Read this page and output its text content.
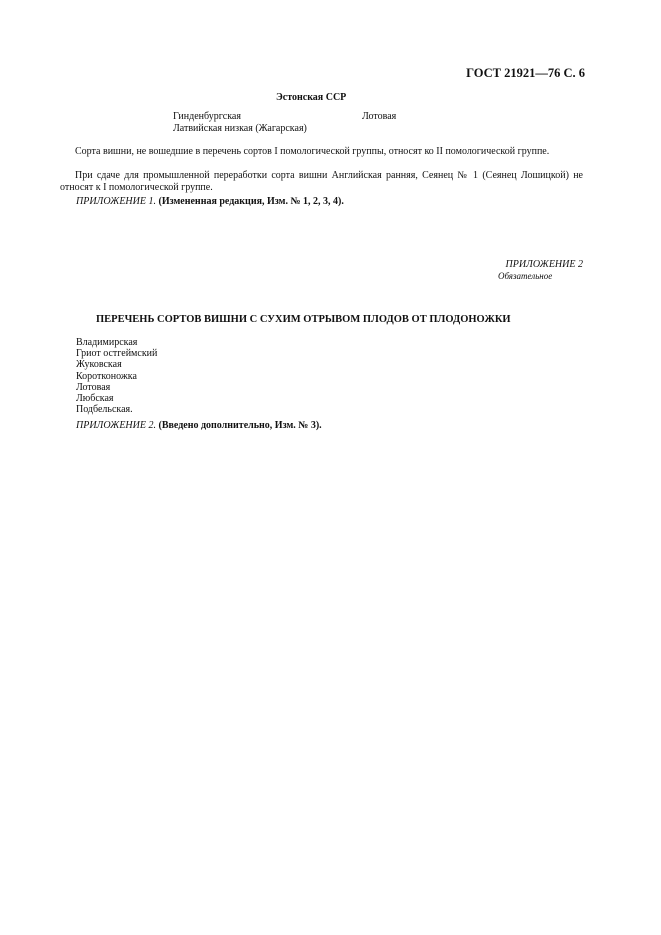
ГОСТ 21921—76 С. 6
Эстонская ССР
Гинденбургская	Лотовая
Латвийская низкая (Жагарская)
Сорта вишни, не вошедшие в перечень сортов I помологической группы, относят ко II помологической группе.
При сдаче для промышленной переработки сорта вишни Английская ранняя, Сеянец № 1 (Сеянец Лошицкой) не относят к I помологической группе.
ПРИЛОЖЕНИЕ 1. (Измененная редакция, Изм. № 1, 2, 3, 4).
ПРИЛОЖЕНИЕ 2
Обязательное
ПЕРЕЧЕНЬ СОРТОВ ВИШНИ С СУХИМ ОТРЫВОМ ПЛОДОВ ОТ ПЛОДОНОЖКИ
Владимирская
Гриот остгеймский
Жуковская
Коротконожка
Лотовая
Любская
Подбельская.
ПРИЛОЖЕНИЕ 2. (Введено дополнительно, Изм. № 3).
